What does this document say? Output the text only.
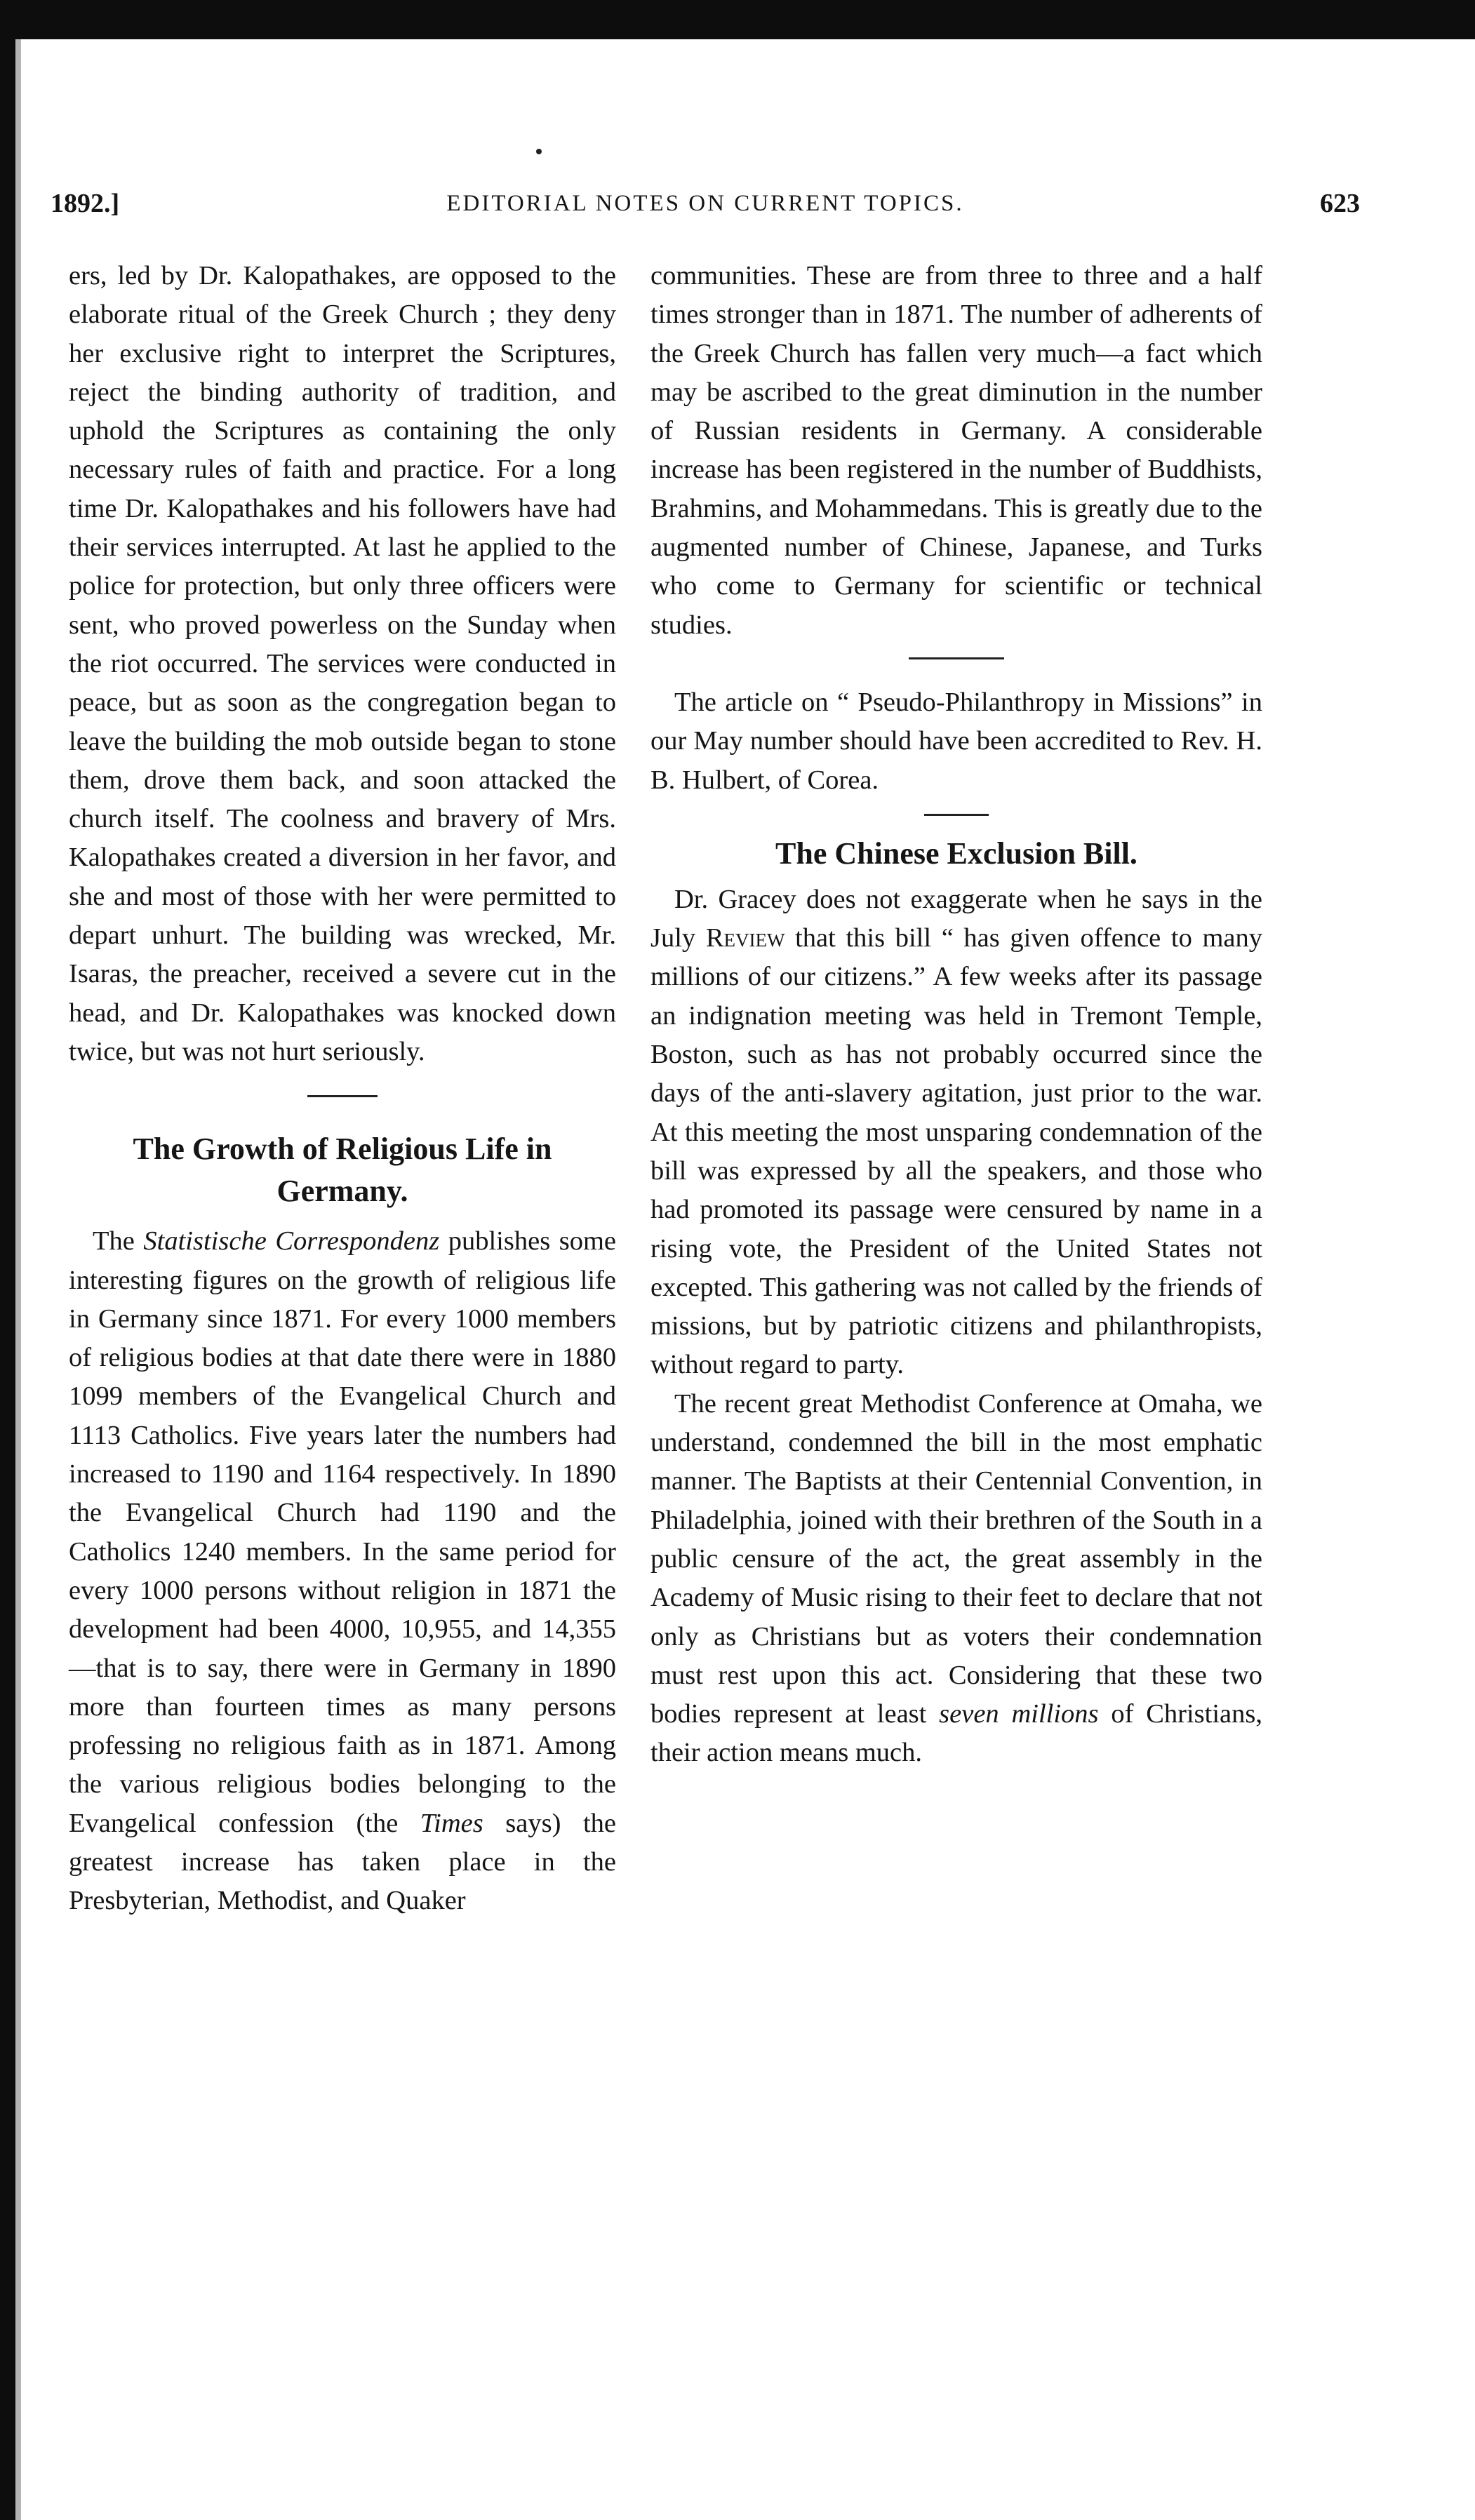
1892.]	EDITORIAL NOTES ON CURRENT TOPICS.	623

ers, led by Dr. Kalopathakes, are opposed to the elaborate ritual of the Greek Church ; they deny her exclusive right to interpret the Scriptures, reject the binding authority of tradition, and uphold the Scriptures as containing the only necessary rules of faith and practice. For a long time Dr. Kalopathakes and his followers have had their services interrupted. At last he applied to the police for protection, but only three officers were sent, who proved powerless on the Sunday when the riot occurred. The services were conducted in peace, but as soon as the congregation began to leave the building the mob outside began to stone them, drove them back, and soon attacked the church itself. The coolness and bravery of Mrs. Kalopathakes created a diversion in her favor, and she and most of those with her were permitted to depart unhurt. The building was wrecked, Mr. Isaras, the preacher, received a severe cut in the head, and Dr. Kalopathakes was knocked down twice, but was not hurt seriously.

The Growth of Religious Life in Germany.

The Statistische Correspondenz publishes some interesting figures on the growth of religious life in Germany since 1871. For every 1000 members of religious bodies at that date there were in 1880 1099 members of the Evangelical Church and 1113 Catholics. Five years later the numbers had increased to 1190 and 1164 respectively. In 1890 the Evangelical Church had 1190 and the Catholics 1240 members. In the same period for every 1000 persons without religion in 1871 the development had been 4000, 10,955, and 14,355 —that is to say, there were in Germany in 1890 more than fourteen times as many persons professing no religious faith as in 1871. Among the various religious bodies belonging to the Evangelical confession (the Times says) the greatest increase has taken place in the Presbyterian, Methodist, and Quaker

communities. These are from three to three and a half times stronger than in 1871. The number of adherents of the Greek Church has fallen very much—a fact which may be ascribed to the great diminution in the number of Russian residents in Germany. A considerable increase has been registered in the number of Buddhists, Brahmins, and Mohammedans. This is greatly due to the augmented number of Chinese, Japanese, and Turks who come to Germany for scientific or technical studies.

The article on “ Pseudo-Philanthropy in Missions” in our May number should have been accredited to Rev. H. B. Hulbert, of Corea.

The Chinese Exclusion Bill.

Dr. Gracey does not exaggerate when he says in the July Review that this bill “ has given offence to many millions of our citizens.” A few weeks after its passage an indignation meeting was held in Tremont Temple, Boston, such as has not probably occurred since the days of the anti-slavery agitation, just prior to the war. At this meeting the most unsparing condemnation of the bill was expressed by all the speakers, and those who had promoted its passage were censured by name in a rising vote, the President of the United States not excepted. This gathering was not called by the friends of missions, but by patriotic citizens and philanthropists, without regard to party.

The recent great Methodist Conference at Omaha, we understand, condemned the bill in the most emphatic manner. The Baptists at their Centennial Convention, in Philadelphia, joined with their brethren of the South in a public censure of the act, the great assembly in the Academy of Music rising to their feet to declare that not only as Christians but as voters their condemnation must rest upon this act. Considering that these two bodies represent at least seven millions of Christians, their action means much.
